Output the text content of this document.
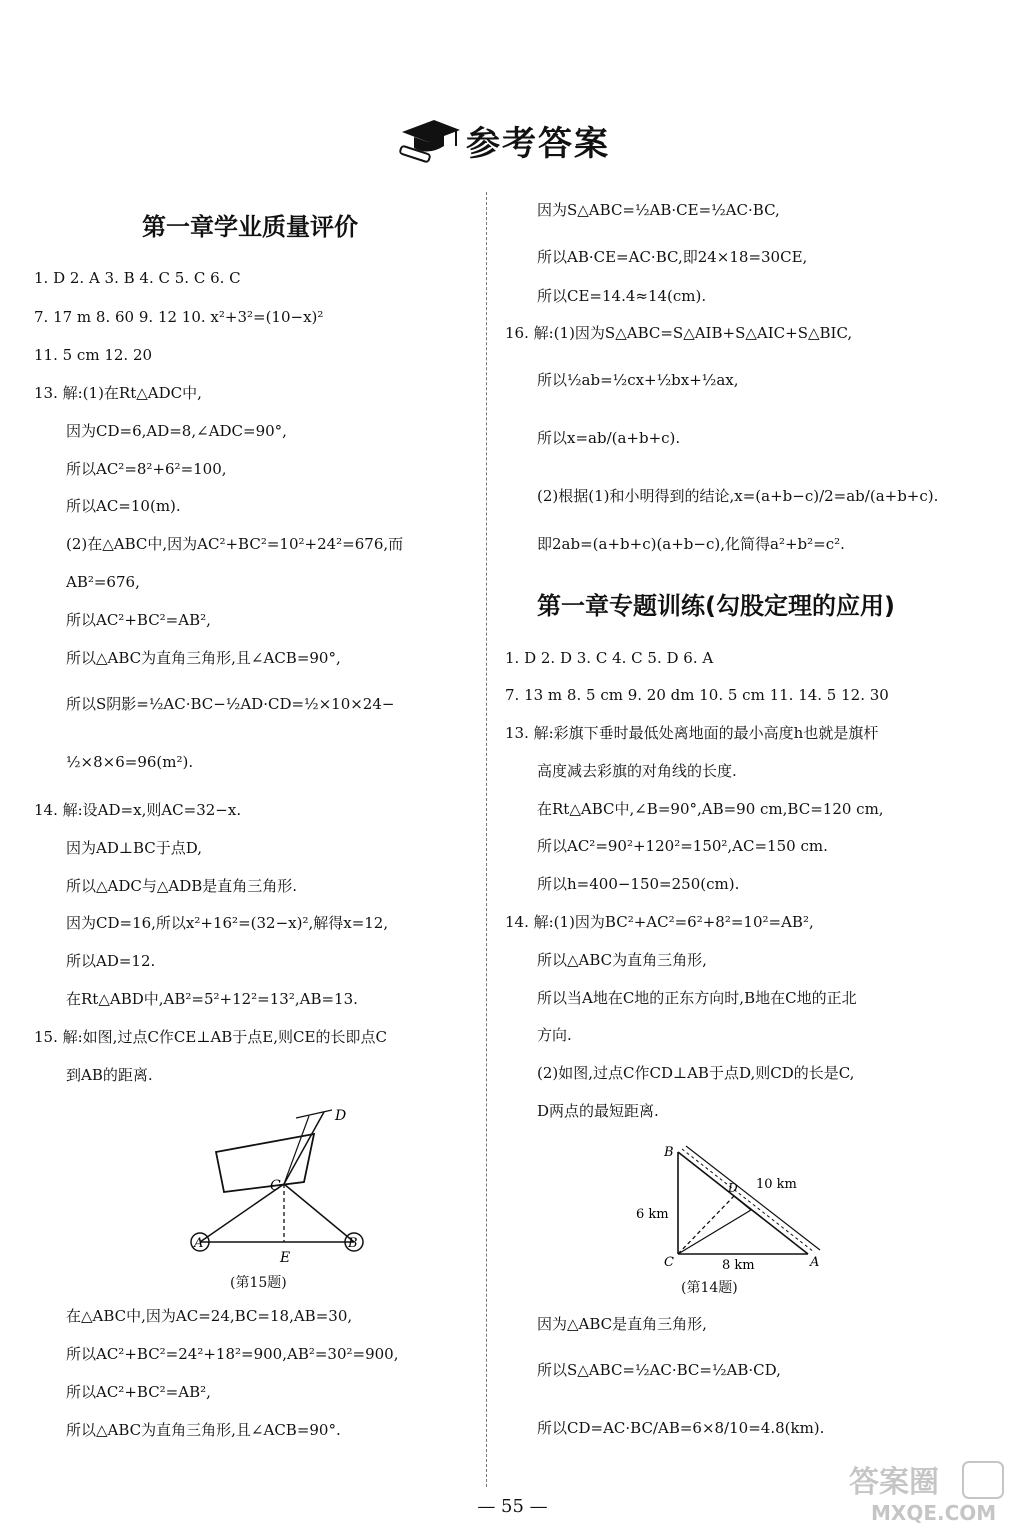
参考答案
第一章学业质量评价
1. D 2. A 3. B 4. C 5. C 6. C
7. 17 m 8. 60 9. 12 10. x²+3²=(10−x)²
11. 5 cm 12. 20
13. 解:(1)在Rt△ADC中,
因为CD=6,AD=8,∠ADC=90°,
所以AC²=8²+6²=100,
所以AC=10(m).
(2)在△ABC中,因为AC²+BC²=10²+24²=676,而
AB²=676,
所以AC²+BC²=AB²,
所以△ABC为直角三角形,且∠ACB=90°,
所以S阴影=½AC·BC−½AD·CD=½×10×24−
½×8×6=96(m²).
14. 解:设AD=x,则AC=32−x.
因为AD⊥BC于点D,
所以△ADC与△ADB是直角三角形.
因为CD=16,所以x²+16²=(32−x)²,解得x=12,
所以AD=12.
在Rt△ABD中,AB²=5²+12²=13²,AB=13.
15. 解:如图,过点C作CE⊥AB于点E,则CE的长即点C
到AB的距离.
D
C
A
E
B
(第15题)
在△ABC中,因为AC=24,BC=18,AB=30,
所以AC²+BC²=24²+18²=900,AB²=30²=900,
所以AC²+BC²=AB²,
所以△ABC为直角三角形,且∠ACB=90°.
因为S△ABC=½AB·CE=½AC·BC,
所以AB·CE=AC·BC,即24×18=30CE,
所以CE=14.4≈14(cm).
16. 解:(1)因为S△ABC=S△AIB+S△AIC+S△BIC,
所以½ab=½cx+½bx+½ax,
所以x=ab/(a+b+c).
(2)根据(1)和小明得到的结论,x=(a+b−c)/2=ab/(a+b+c).
即2ab=(a+b+c)(a+b−c),化简得a²+b²=c².
第一章专题训练(勾股定理的应用)
1. D 2. D 3. C 4. C 5. D 6. A
7. 13 m 8. 5 cm 9. 20 dm 10. 5 cm 11. 14. 5 12. 30
13. 解:彩旗下垂时最低处离地面的最小高度h也就是旗杆
高度减去彩旗的对角线的长度.
在Rt△ABC中,∠B=90°,AB=90 cm,BC=120 cm,
所以AC²=90²+120²=150²,AC=150 cm.
所以h=400−150=250(cm).
14. 解:(1)因为BC²+AC²=6²+8²=10²=AB²,
所以△ABC为直角三角形,
所以当A地在C地的正东方向时,B地在C地的正北
方向.
(2)如图,过点C作CD⊥AB于点D,则CD的长是C,
D两点的最短距离.
B
D 10 km
6 km
C	8 km	A
(第14题)
因为△ABC是直角三角形,
所以S△ABC=½AC·BC=½AB·CD,
所以CD=AC·BC/AB=6×8/10=4.8(km).
— 55 —
答案圈
MXQE.COM
